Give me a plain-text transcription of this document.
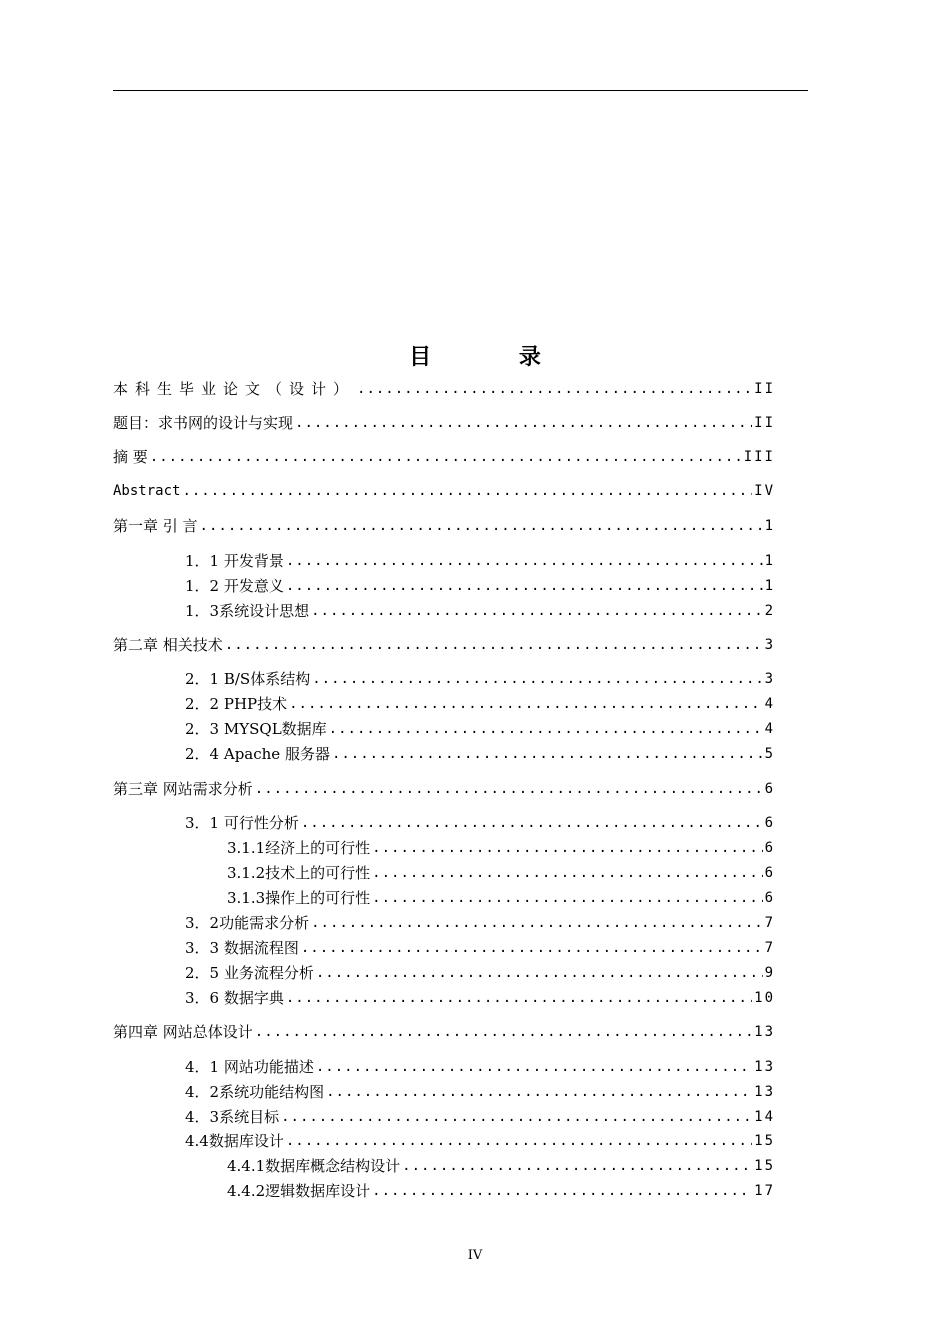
目 录
本科生毕业论文（设计） .....	II
题目：求书网的设计与实现 .....	II
摘 要 .....	III
Abstract .....	IV
第一章 引 言 .....	1
1．1 开发背景 .....	1
1．2 开发意义 .....	1
1．3系统设计思想 .....	2
第二章 相关技术 .....	3
2．1 B/S体系结构 .....	3
2．2 PHP技术 .....	4
2．3 MYSQL数据库 .....	4
2．4 Apache 服务器 .....	5
第三章 网站需求分析 .....	6
3．1 可行性分析 .....	6
3.1.1经济上的可行性 .....	6
3.1.2技术上的可行性 .....	6
3.1.3操作上的可行性 .....	6
3．2功能需求分析 .....	7
3．3 数据流程图 .....	7
2．5 业务流程分析 .....	9
3．6 数据字典 .....	10
第四章 网站总体设计 .....	13
4．1 网站功能描述 .....	13
4．2系统功能结构图 .....	13
4．3系统目标 .....	14
4.4数据库设计 .....	15
4.4.1数据库概念结构设计 .....	15
4.4.2逻辑数据库设计 .....	17
IV
